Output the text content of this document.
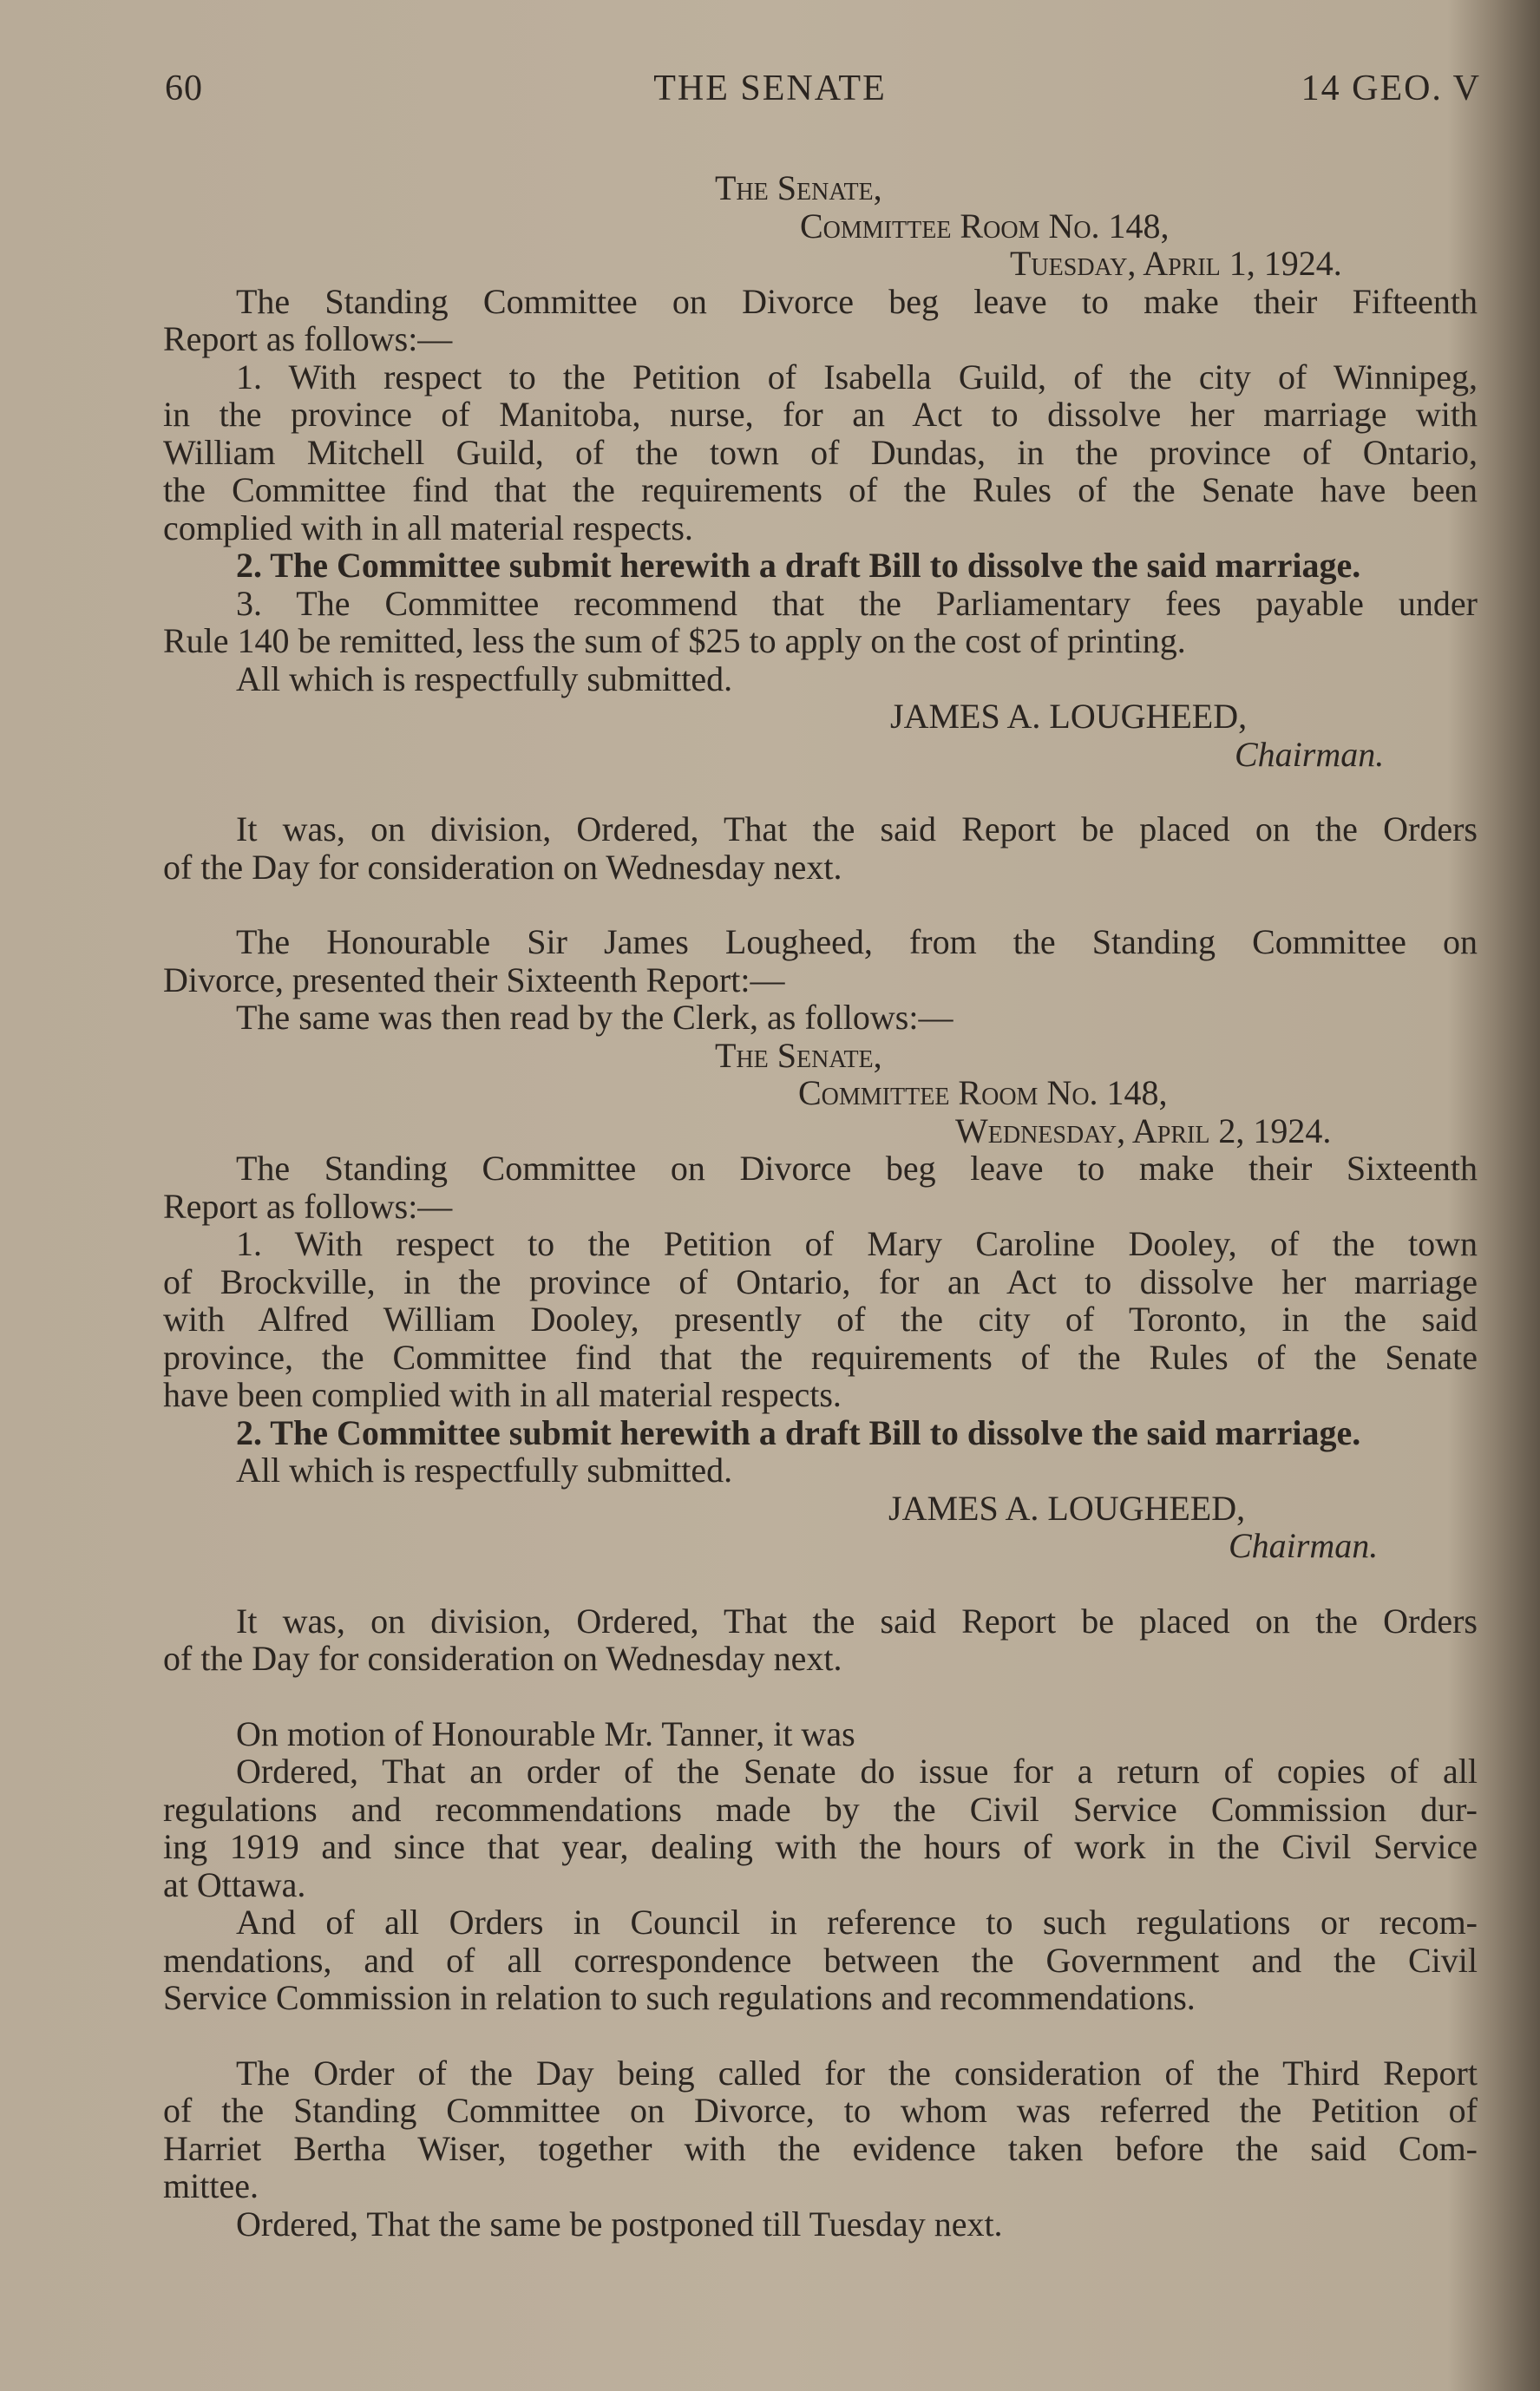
60	THE SENATE	14 GEO. V
The Senate,
Committee Room No. 148,
Tuesday, April 1, 1924.
The Standing Committee on Divorce beg leave to make their Fifteenth
Report as follows:—
1. With respect to the Petition of Isabella Guild, of the city of Winnipeg,
in the province of Manitoba, nurse, for an Act to dissolve her marriage with
William Mitchell Guild, of the town of Dundas, in the province of Ontario,
the Committee find that the requirements of the Rules of the Senate have been
complied with in all material respects.
2. The Committee submit herewith a draft Bill to dissolve the said marriage.
3. The Committee recommend that the Parliamentary fees payable under
Rule 140 be remitted, less the sum of $25 to apply on the cost of printing.
All which is respectfully submitted.
JAMES A. LOUGHEED,
Chairman.
It was, on division, Ordered, That the said Report be placed on the Orders
of the Day for consideration on Wednesday next.
The Honourable Sir James Lougheed, from the Standing Committee on
Divorce, presented their Sixteenth Report:—
The same was then read by the Clerk, as follows:—
The Senate,
Committee Room No. 148,
Wednesday, April 2, 1924.
The Standing Committee on Divorce beg leave to make their Sixteenth
Report as follows:—
1. With respect to the Petition of Mary Caroline Dooley, of the town
of Brockville, in the province of Ontario, for an Act to dissolve her marriage
with Alfred William Dooley, presently of the city of Toronto, in the said
province, the Committee find that the requirements of the Rules of the Senate
have been complied with in all material respects.
2. The Committee submit herewith a draft Bill to dissolve the said marriage.
All which is respectfully submitted.
JAMES A. LOUGHEED,
Chairman.
It was, on division, Ordered, That the said Report be placed on the Orders
of the Day for consideration on Wednesday next.
On motion of Honourable Mr. Tanner, it was
Ordered, That an order of the Senate do issue for a return of copies of all
regulations and recommendations made by the Civil Service Commission dur-
ing 1919 and since that year, dealing with the hours of work in the Civil Service
at Ottawa.
And of all Orders in Council in reference to such regulations or recom-
mendations, and of all correspondence between the Government and the Civil
Service Commission in relation to such regulations and recommendations.
The Order of the Day being called for the consideration of the Third Report
of the Standing Committee on Divorce, to whom was referred the Petition of
Harriet Bertha Wiser, together with the evidence taken before the said Com-
mittee.
Ordered, That the same be postponed till Tuesday next.
